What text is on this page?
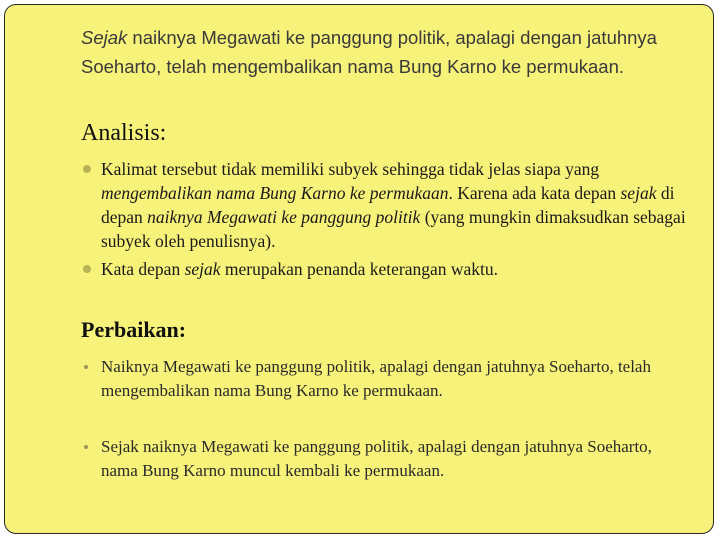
Sejak naiknya Megawati ke panggung politik, apalagi dengan jatuhnya Soeharto, telah mengembalikan nama Bung Karno ke permukaan.
Analisis:
Kalimat tersebut tidak memiliki subyek sehingga tidak jelas siapa yang mengembalikan nama Bung Karno ke permukaan. Karena ada kata depan sejak di depan naiknya Megawati ke panggung politik (yang mungkin dimaksudkan sebagai subyek oleh penulisnya).
Kata depan sejak merupakan penanda keterangan waktu.
Perbaikan:
Naiknya Megawati ke panggung politik, apalagi dengan jatuhnya Soeharto, telah mengembalikan nama Bung Karno ke permukaan.
Sejak naiknya Megawati ke panggung politik, apalagi dengan jatuhnya Soeharto, nama Bung Karno muncul kembali ke permukaan.
